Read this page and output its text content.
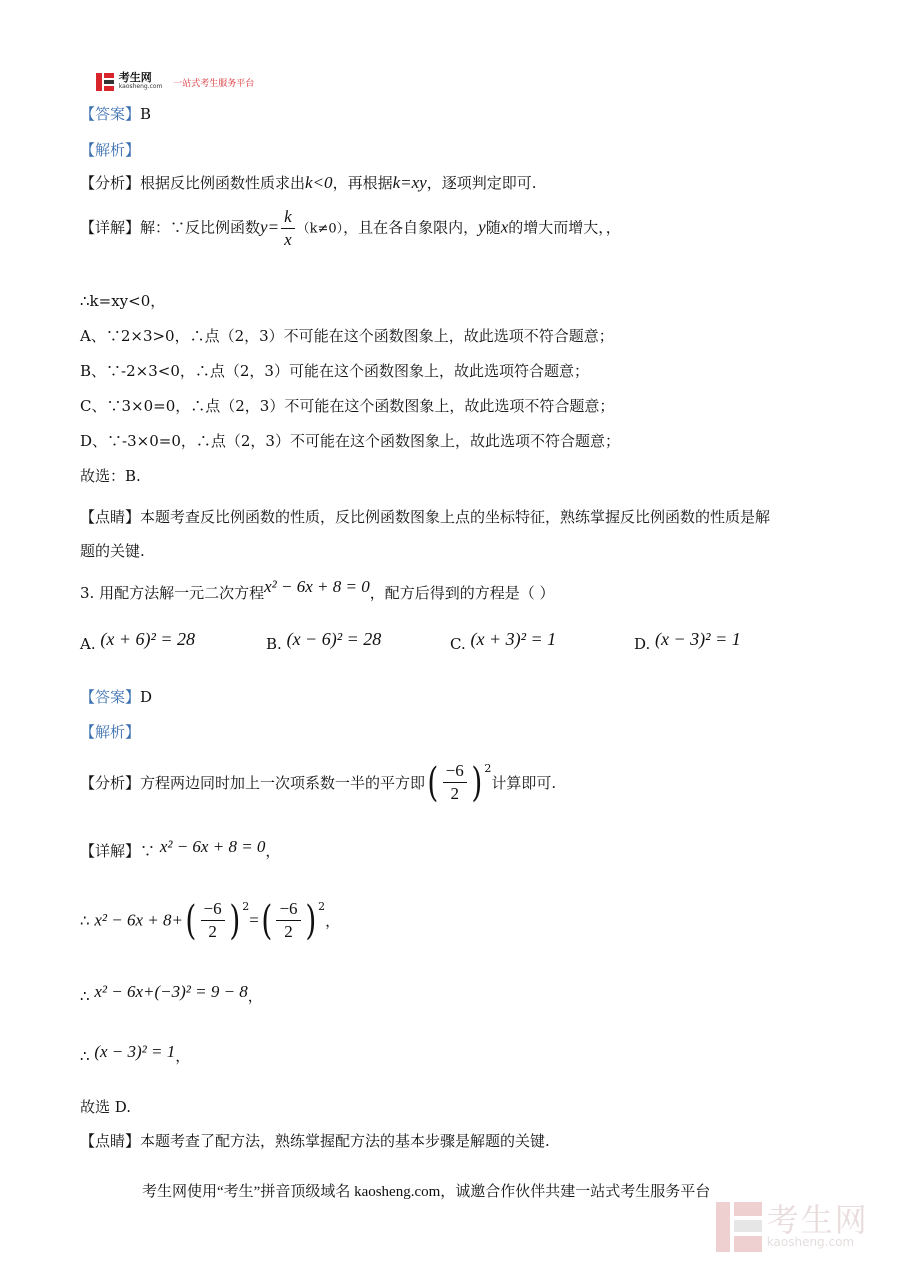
考生网
kaosheng.com 一站式考生服务平台
【答案】B
【解析】
【分析】根据反比例函数性质求出k<0，再根据k=xy，逐项判定即可.
【详解】解：∵反比例函数$y= \frac{k}{x} (k\ne 0)$，且在各自象限内，y随x的增大而增大，，
∴k=xy<0，
A、∵2×3>0，∴点（2，3）不可能在这个函数图象上，故此选项不符合题意；
B、∵-2×3<0，∴点（2，3）可能在这个函数图象上，故此选项符合题意；
C、∵3×0=0，∴点（2，3）不可能在这个函数图象上，故此选项不符合题意；
D、∵-3×0=0，∴点（2，3）不可能在这个函数图象上，故此选项不符合题意；
故选：B.
【点睛】本题考查反比例函数的性质，反比例函数图象上点的坐标特征，熟练掌握反比例函数的性质是解
题的关键.
3. 用配方法解一元二次方程x² − 6x + 8 = 0，配方后得到的方程是（ ）
A. (x + 6)² = 28	B. (x − 6)² = 28	C. (x + 3)² = 1	D. (x − 3)² = 1
【答案】D
【解析】
【分析】方程两边同时加上一次项系数一半的平方即( $\frac{-6}{2}$ ) $^2$计算即可.
【详解】∵ x² − 6x + 8 = 0，
∴ $x^2 - 6x + 8+( \frac{-6}{2}$ ) $^2=( \frac{-6}{2}$ ) $^2$，
∴ x² − 6x+(−3)² = 9 − 8，
∴ (x − 3)² = 1，
故选 D.
【点睛】本题考查了配方法，熟练掌握配方法的基本步骤是解题的关键.
考生网使用“考生”拼音顶级域名 kaosheng.com，诚邀合作伙伴共建一站式考生服务平台

考生网
kaosheng.com
